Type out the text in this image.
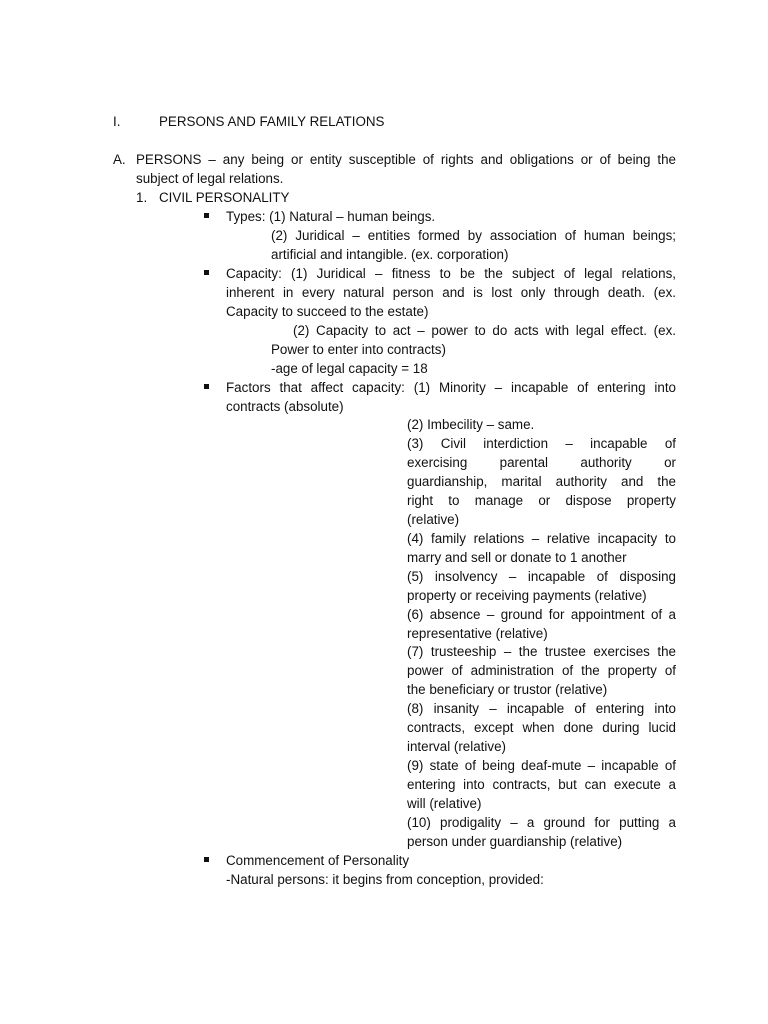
I.	PERSONS AND FAMILY RELATIONS
A. PERSONS – any being or entity susceptible of rights and obligations or of being the
subject of legal relations.
1. CIVIL PERSONALITY
Types: (1) Natural – human beings.
(2) Juridical – entities formed by association of human beings;
artificial and intangible. (ex. corporation)
Capacity: (1) Juridical – fitness to be the subject of legal relations,
inherent in every natural person and is lost only through death. (ex.
Capacity to succeed to the estate)
(2) Capacity to act – power to do acts with legal effect. (ex.
Power to enter into contracts)
-age of legal capacity = 18
Factors that affect capacity: (1) Minority – incapable of entering into
contracts (absolute)
(2) Imbecility – same.
(3) Civil interdiction – incapable of
exercising parental authority or
guardianship, marital authority and the
right to manage or dispose property
(relative)
(4) family relations – relative incapacity to
marry and sell or donate to 1 another
(5) insolvency – incapable of disposing
property or receiving payments (relative)
(6) absence – ground for appointment of a
representative (relative)
(7) trusteeship – the trustee exercises the
power of administration of the property of
the beneficiary or trustor (relative)
(8) insanity – incapable of entering into
contracts, except when done during lucid
interval (relative)
(9) state of being deaf-mute – incapable of
entering into contracts, but can execute a
will (relative)
(10) prodigality – a ground for putting a
person under guardianship (relative)
Commencement of Personality
-Natural persons: it begins from conception, provided:
